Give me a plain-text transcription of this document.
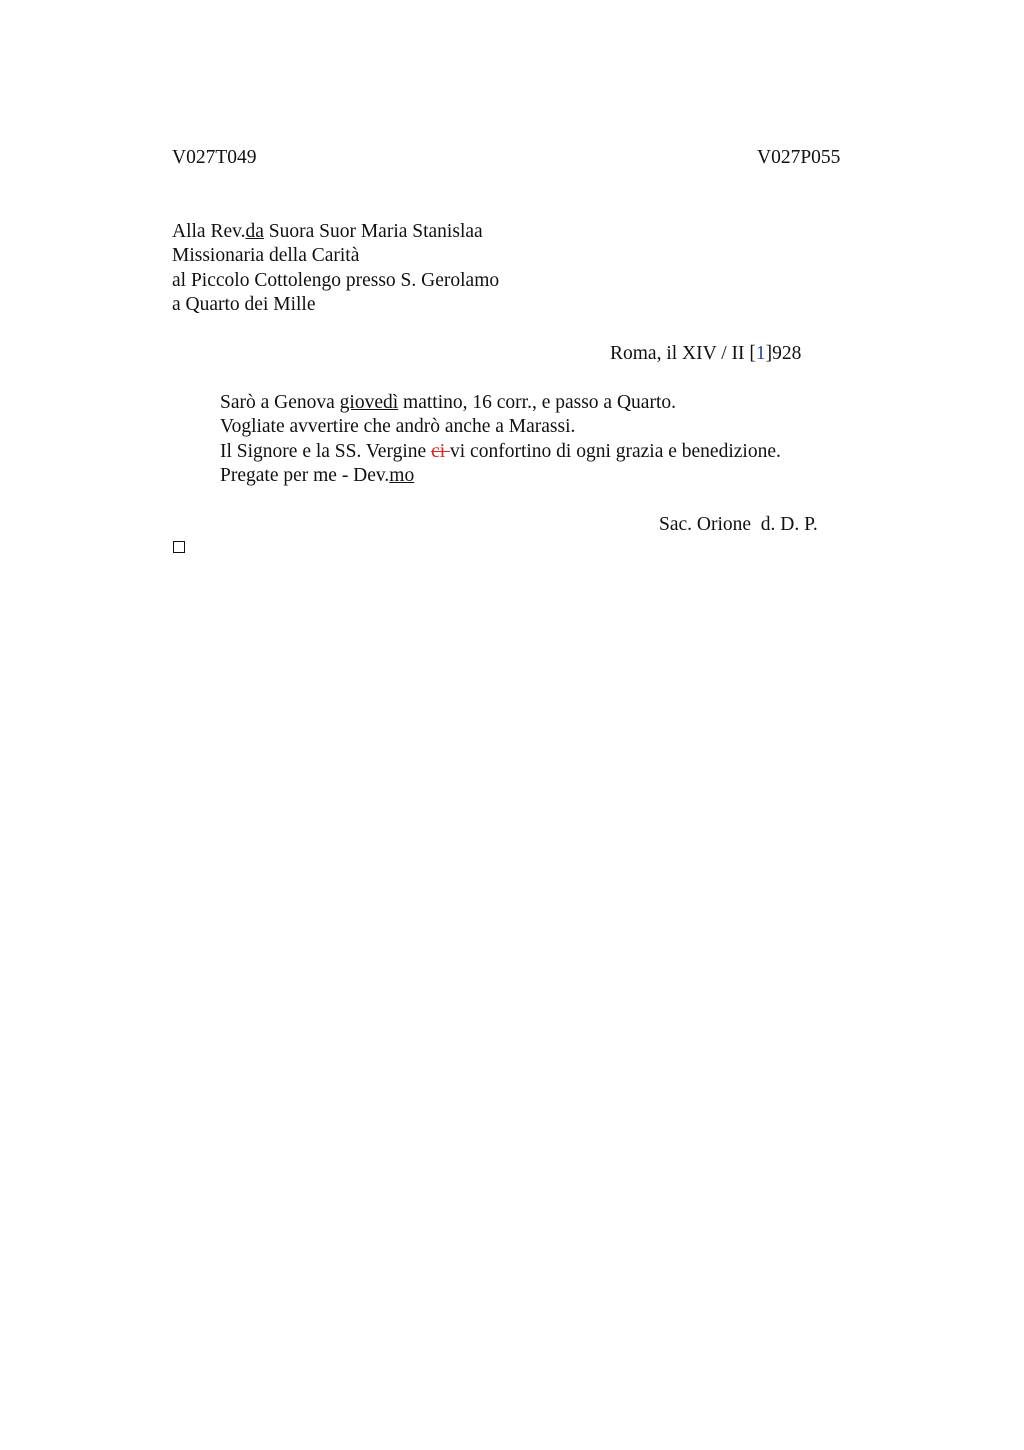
V027T049	V027P055
Alla Rev.da Suora Suor Maria Stanislaa
Missionaria della Carità
al Piccolo Cottolengo presso S. Gerolamo
a Quarto dei Mille
Roma, il XIV / II [1]928
Sarò a Genova giovedì mattino, 16 corr., e passo a Quarto.
Vogliate avvertire che andrò anche a Marassi.
Il Signore e la SS. Vergine ci vi confortino di ogni grazia e benedizione.
Pregate per me - Dev.mo
Sac. Orione  d. D. P.
